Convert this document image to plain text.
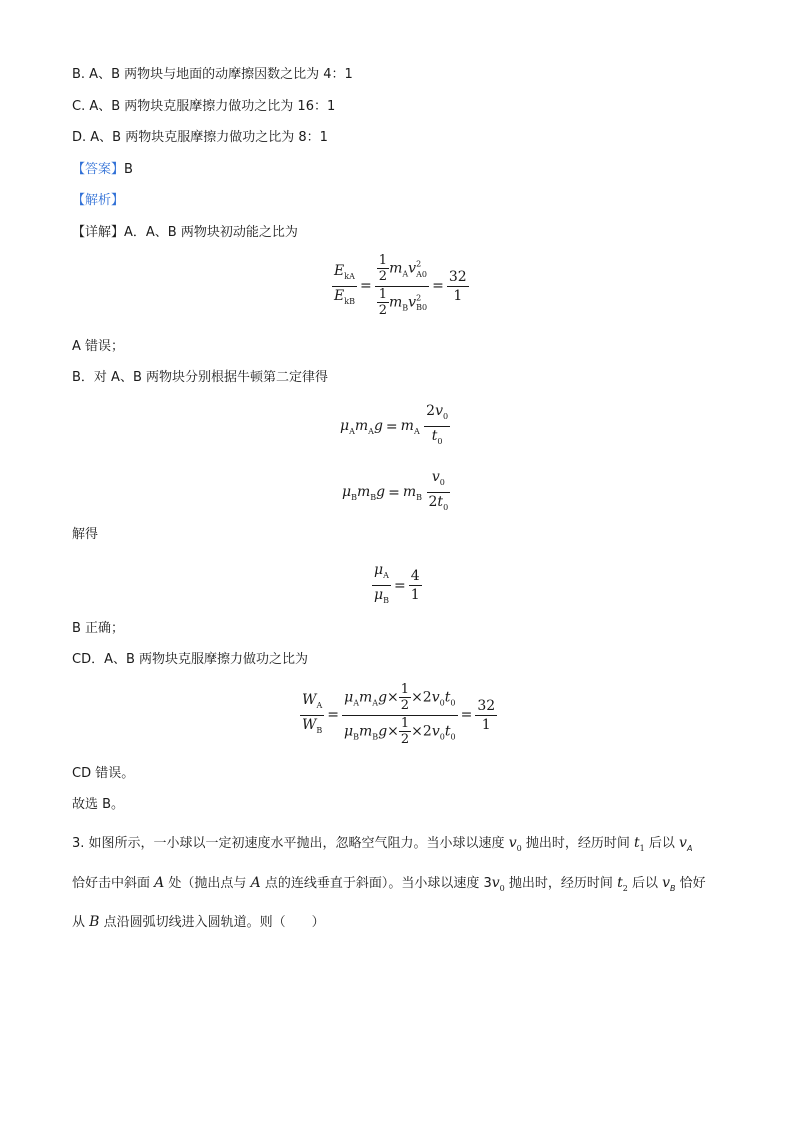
B. A、B 两物块与地面的动摩擦因数之比为 4：1
C. A、B 两物块克服摩擦力做功之比为 16：1
D. A、B 两物块克服摩擦力做功之比为 8：1
【答案】B
【解析】
【详解】A．A、B 两物块初动能之比为
$\frac{E_{kA}}{E_{kB}} = \frac{\frac{1}{2} m_Av^2_{A0}}{\frac{1}{2} m_Bv^2_{B0}} = \frac{32}{1}$
A 错误；
B．对 A、B 两物块分别根据牛顿第二定律得
$\mu_Am_Ag = m_A \frac{2v_0}{t_0}$
$\mu_Bm_Bg = m_B \frac{v_0}{2t_0}$
解得
$\frac{\mu_A}{\mu_B} = \frac{4}{1}$
B 正确；
CD．A、B 两物块克服摩擦力做功之比为
$\frac{W_A}{W_B} = \frac{\mu_Am_Ag\times \frac{1}{2} \times 2v_0t_0}{\mu_Bm_Bg\times \frac{1}{2} \times 2v_0t_0} = \frac{32}{1}$
CD 错误。
故选 B。
3. 如图所示，一小球以一定初速度水平抛出，忽略空气阻力。当小球以速度 $v_0$ 抛出时，经历时间 $t_1$ 后以 $v_A$
恰好击中斜面 A 处（抛出点与 A 点的连线垂直于斜面）。当小球以速度 $3v_0$ 抛出时，经历时间 $t_2$ 后以 $v_B$ 恰好
从 B 点沿圆弧切线进入圆轨道。则（　　）
